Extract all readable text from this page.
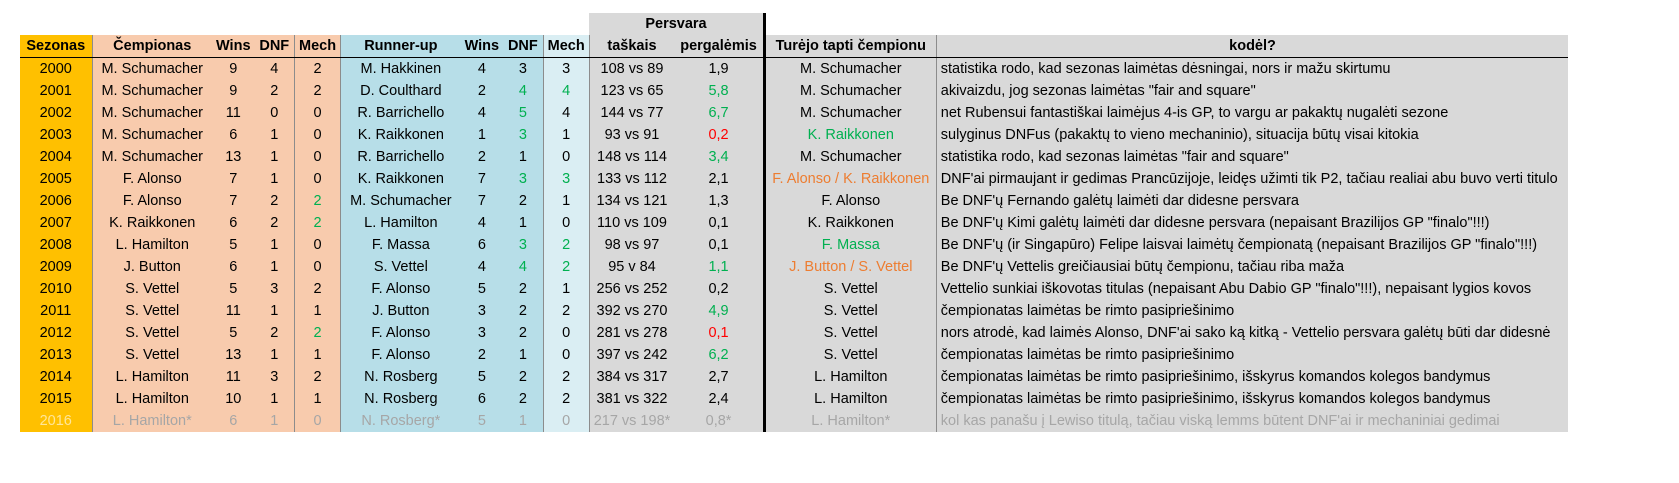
									Persvara			
Sezonas	Čempionas	Wins	DNF	Mech	Runner-up	Wins	DNF	Mech	taškais	pergalėmis	Turėjo tapti čempionu	kodėl?
2000	M. Schumacher	9	4	2	M. Hakkinen	4	3	3	108 vs 89	1,9	M. Schumacher	statistika rodo, kad sezonas laimėtas dėsningai, nors ir mažu skirtumu
2001	M. Schumacher	9	2	2	D. Coulthard	2	4	4	123 vs 65	5,8	M. Schumacher	akivaizdu, jog sezonas laimėtas "fair and square"
2002	M. Schumacher	11	0	0	R. Barrichello	4	5	4	144 vs 77	6,7	M. Schumacher	net Rubensui fantastiškai laimėjus 4-is GP, to vargu ar pakaktų nugalėti sezone
2003	M. Schumacher	6	1	0	K. Raikkonen	1	3	1	93 vs 91	0,2	K. Raikkonen	sulyginus DNFus (pakaktų to vieno mechaninio), situacija būtų visai kitokia
2004	M. Schumacher	13	1	0	R. Barrichello	2	1	0	148 vs 114	3,4	M. Schumacher	statistika rodo, kad sezonas laimėtas "fair and square"
2005	F. Alonso	7	1	0	K. Raikkonen	7	3	3	133 vs 112	2,1	F. Alonso / K. Raikkonen	DNF'ai pirmaujant ir gedimas Prancūzijoje, leidęs užimti tik P2, tačiau realiai abu buvo verti titulo
2006	F. Alonso	7	2	2	M. Schumacher	7	2	1	134 vs 121	1,3	F. Alonso	Be DNF'ų Fernando galėtų laimėti dar didesne persvara
2007	K. Raikkonen	6	2	2	L. Hamilton	4	1	0	110 vs 109	0,1	K. Raikkonen	Be DNF'ų Kimi galėtų laimėti dar didesne persvara (nepaisant Brazilijos GP "finalo"!!!)
2008	L. Hamilton	5	1	0	F. Massa	6	3	2	98 vs 97	0,1	F. Massa	Be DNF'ų (ir Singapūro) Felipe laisvai laimėtų čempionatą (nepaisant Brazilijos GP "finalo"!!!)
2009	J. Button	6	1	0	S. Vettel	4	4	2	95 v 84	1,1	J. Button / S. Vettel	Be DNF'ų Vettelis greičiausiai būtų čempionu, tačiau riba maža
2010	S. Vettel	5	3	2	F. Alonso	5	2	1	256 vs 252	0,2	S. Vettel	Vettelio sunkiai iškovotas titulas (nepaisant Abu Dabio GP "finalo"!!!), nepaisant lygios kovos
2011	S. Vettel	11	1	1	J. Button	3	2	2	392 vs 270	4,9	S. Vettel	čempionatas laimėtas be rimto pasipriešinimo
2012	S. Vettel	5	2	2	F. Alonso	3	2	0	281 vs 278	0,1	S. Vettel	nors atrodė, kad laimės Alonso, DNF'ai sako ką kitką - Vettelio persvara galėtų būti dar didesnė
2013	S. Vettel	13	1	1	F. Alonso	2	1	0	397 vs 242	6,2	S. Vettel	čempionatas laimėtas be rimto pasipriešinimo
2014	L. Hamilton	11	3	2	N. Rosberg	5	2	2	384 vs 317	2,7	L. Hamilton	čempionatas laimėtas be rimto pasipriešinimo, išskyrus komandos kolegos bandymus
2015	L. Hamilton	10	1	1	N. Rosberg	6	2	2	381 vs 322	2,4	L. Hamilton	čempionatas laimėtas be rimto pasipriešinimo, išskyrus komandos kolegos bandymus
2016	L. Hamilton*	6	1	0	N. Rosberg*	5	1	0	217 vs 198*	0,8*	L. Hamilton*	kol kas panašu į Lewiso titulą, tačiau viską lemms būtent DNF'ai ir mechaniniai gedimai
